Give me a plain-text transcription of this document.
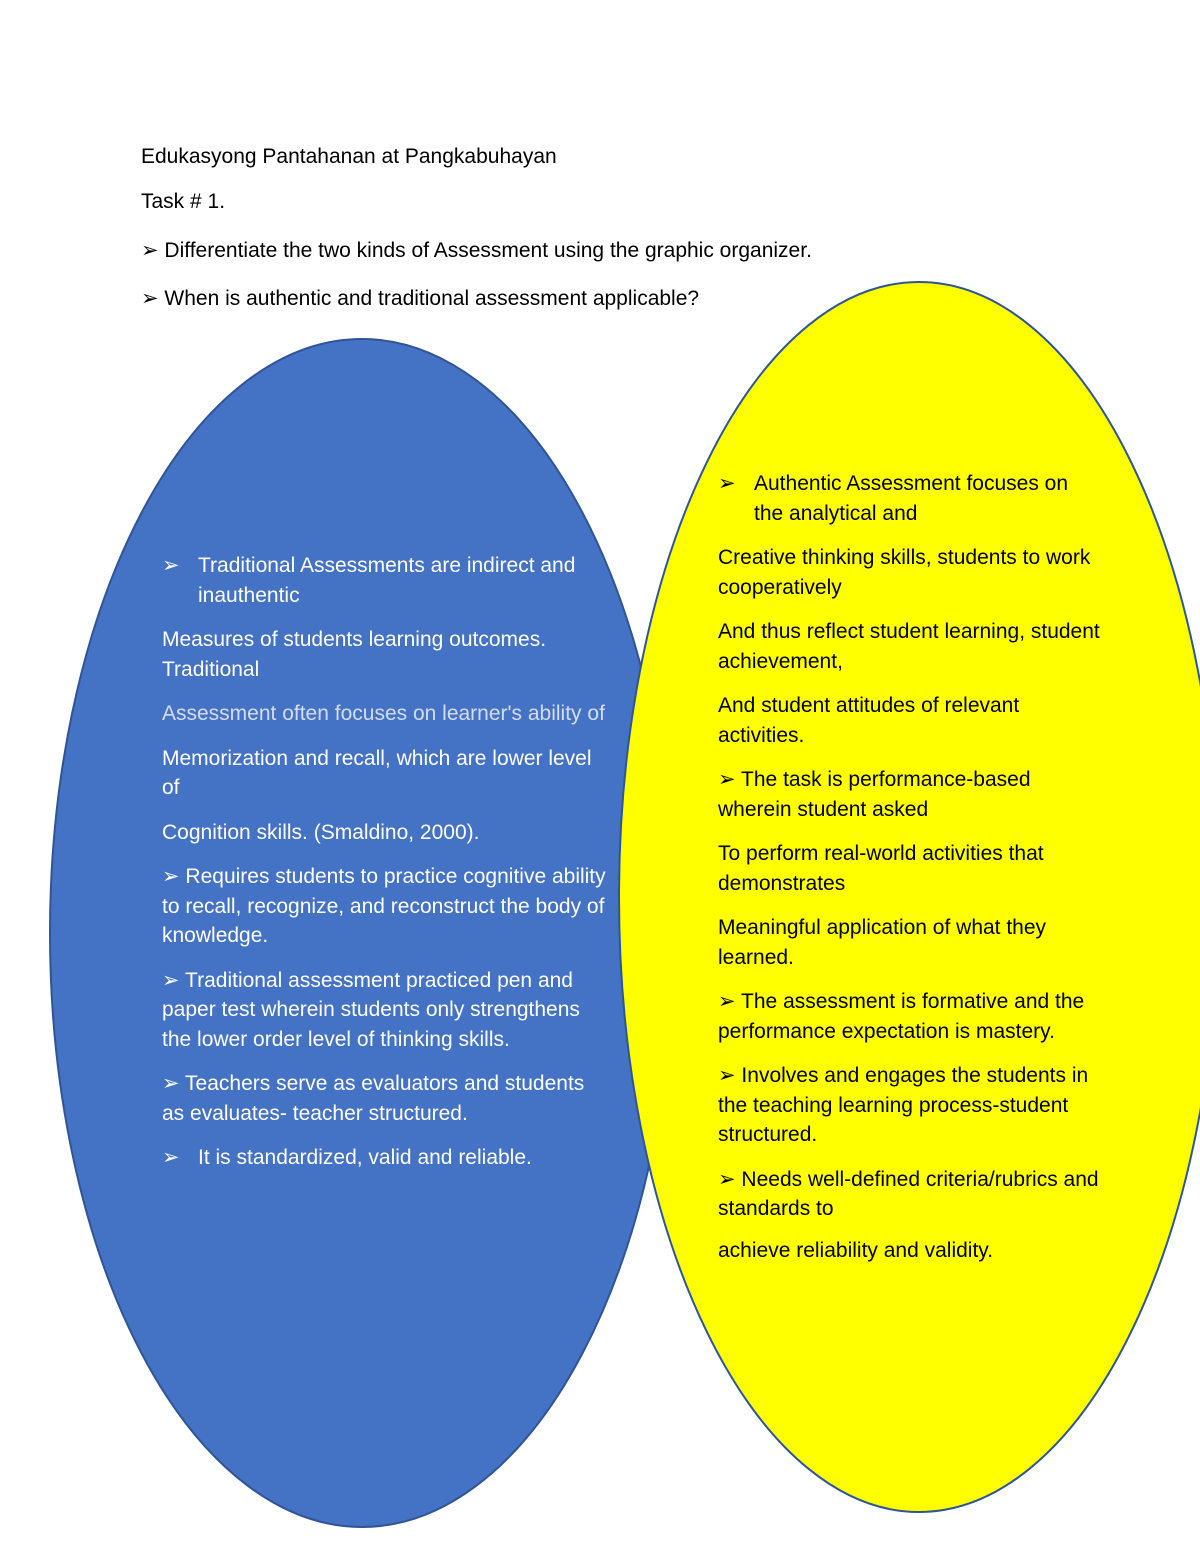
Edukasyong Pantahanan at Pangkabuhayan
Task # 1.
➢ Differentiate the two kinds of Assessment using the graphic organizer.
➢ When is authentic and traditional assessment applicable?

➢ Traditional Assessments are indirect and inauthentic

Measures of students learning outcomes. Traditional

Assessment often focuses on learner's ability of

Memorization and recall, which are lower level of

Cognition skills. (Smaldino, 2000).

➢ Requires students to practice cognitive ability to recall, recognize, and reconstruct the body of knowledge.

➢ Traditional assessment practiced pen and paper test wherein students only strengthens the lower order level of thinking skills.

➢ Teachers serve as evaluators and students as evaluates- teacher structured.

➢ It is standardized, valid and reliable.

➢ Authentic Assessment focuses on the analytical and

Creative thinking skills, students to work cooperatively

And thus reflect student learning, student achievement,

And student attitudes of relevant activities.

➢ The task is performance-based wherein student asked

To perform real-world activities that demonstrates

Meaningful application of what they learned.

➢ The assessment is formative and the performance expectation is mastery.

➢ Involves and engages the students in the teaching learning process-student structured.

➢ Needs well-defined criteria/rubrics and standards to

achieve reliability and validity.
